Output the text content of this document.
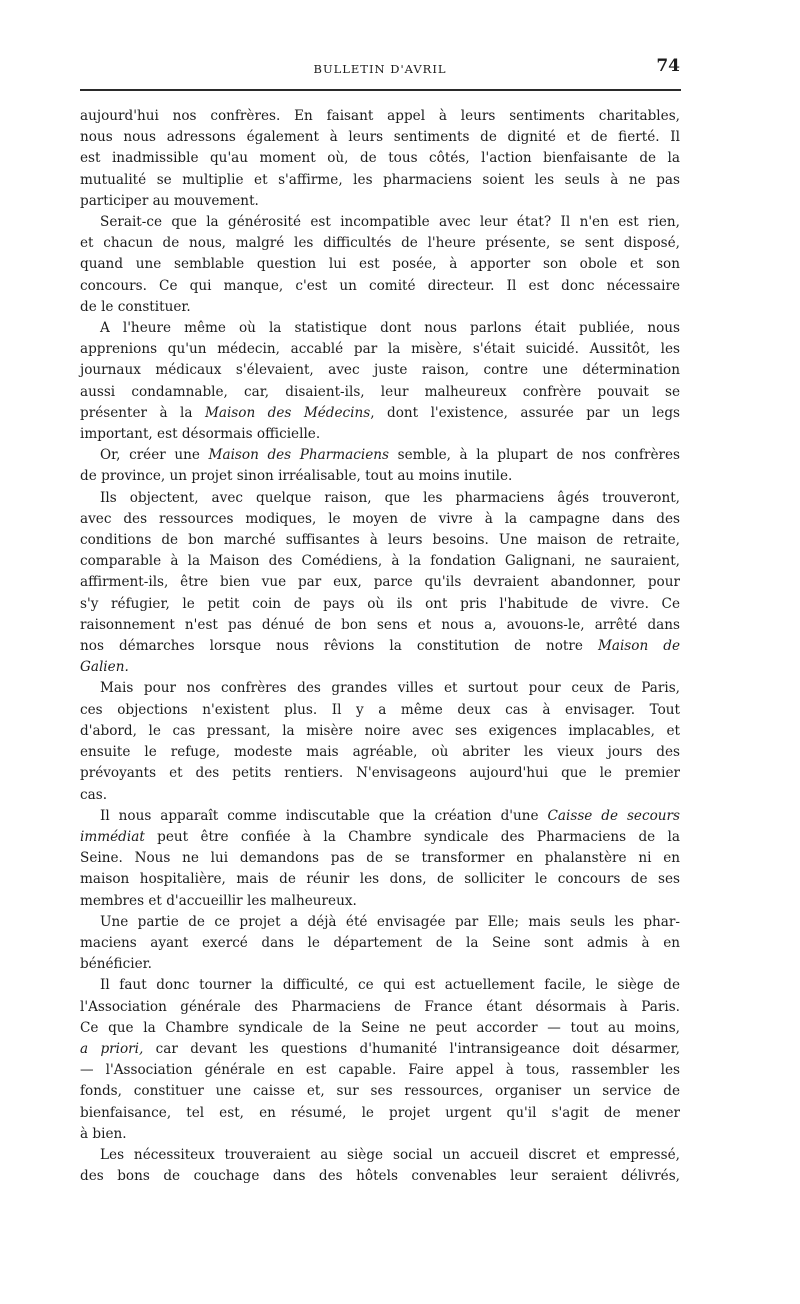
BULLETIN D'AVRIL	74

aujourd'hui nos confrères. En faisant appel à leurs sentiments charitables,
nous nous adressons également à leurs sentiments de dignité et de fierté. Il
est inadmissible qu'au moment où, de tous côtés, l'action bienfaisante de la
mutualité se multiplie et s'affirme, les pharmaciens soient les seuls à ne pas
participer au mouvement.

Serait-ce que la générosité est incompatible avec leur état? Il n'en est rien,
et chacun de nous, malgré les difficultés de l'heure présente, se sent disposé,
quand une semblable question lui est posée, à apporter son obole et son
concours. Ce qui manque, c'est un comité directeur. Il est donc nécessaire
de le constituer.

A l'heure même où la statistique dont nous parlons était publiée, nous
apprenions qu'un médecin, accablé par la misère, s'était suicidé. Aussitôt, les
journaux médicaux s'élevaient, avec juste raison, contre une détermination
aussi condamnable, car, disaient-ils, leur malheureux confrère pouvait se
présenter à la Maison des Médecins, dont l'existence, assurée par un legs
important, est désormais officielle.

Or, créer une Maison des Pharmaciens semble, à la plupart de nos confrères
de province, un projet sinon irréalisable, tout au moins inutile.

Ils objectent, avec quelque raison, que les pharmaciens âgés trouveront,
avec des ressources modiques, le moyen de vivre à la campagne dans des
conditions de bon marché suffisantes à leurs besoins. Une maison de retraite,
comparable à la Maison des Comédiens, à la fondation Galignani, ne sauraient,
affirment-ils, être bien vue par eux, parce qu'ils devraient abandonner, pour
s'y réfugier, le petit coin de pays où ils ont pris l'habitude de vivre. Ce
raisonnement n'est pas dénué de bon sens et nous a, avouons-le, arrêté dans
nos démarches lorsque nous rêvions la constitution de notre Maison de
Galien.

Mais pour nos confrères des grandes villes et surtout pour ceux de Paris,
ces objections n'existent plus. Il y a même deux cas à envisager. Tout
d'abord, le cas pressant, la misère noire avec ses exigences implacables, et
ensuite le refuge, modeste mais agréable, où abriter les vieux jours des
prévoyants et des petits rentiers. N'envisageons aujourd'hui que le premier
cas.

Il nous apparaît comme indiscutable que la création d'une Caisse de secours
immédiat peut être confiée à la Chambre syndicale des Pharmaciens de la
Seine. Nous ne lui demandons pas de se transformer en phalanstère ni en
maison hospitalière, mais de réunir les dons, de solliciter le concours de ses
membres et d'accueillir les malheureux.

Une partie de ce projet a déjà été envisagée par Elle; mais seuls les phar-
maciens ayant exercé dans le département de la Seine sont admis à en
bénéficier.

Il faut donc tourner la difficulté, ce qui est actuellement facile, le siège de
l'Association générale des Pharmaciens de France étant désormais à Paris.
Ce que la Chambre syndicale de la Seine ne peut accorder — tout au moins,
a priori, car devant les questions d'humanité l'intransigeance doit désarmer,
— l'Association générale en est capable. Faire appel à tous, rassembler les
fonds, constituer une caisse et, sur ses ressources, organiser un service de
bienfaisance, tel est, en résumé, le projet urgent qu'il s'agit de mener
à bien.

Les nécessiteux trouveraient au siège social un accueil discret et empressé,
des bons de couchage dans des hôtels convenables leur seraient délivrés,
